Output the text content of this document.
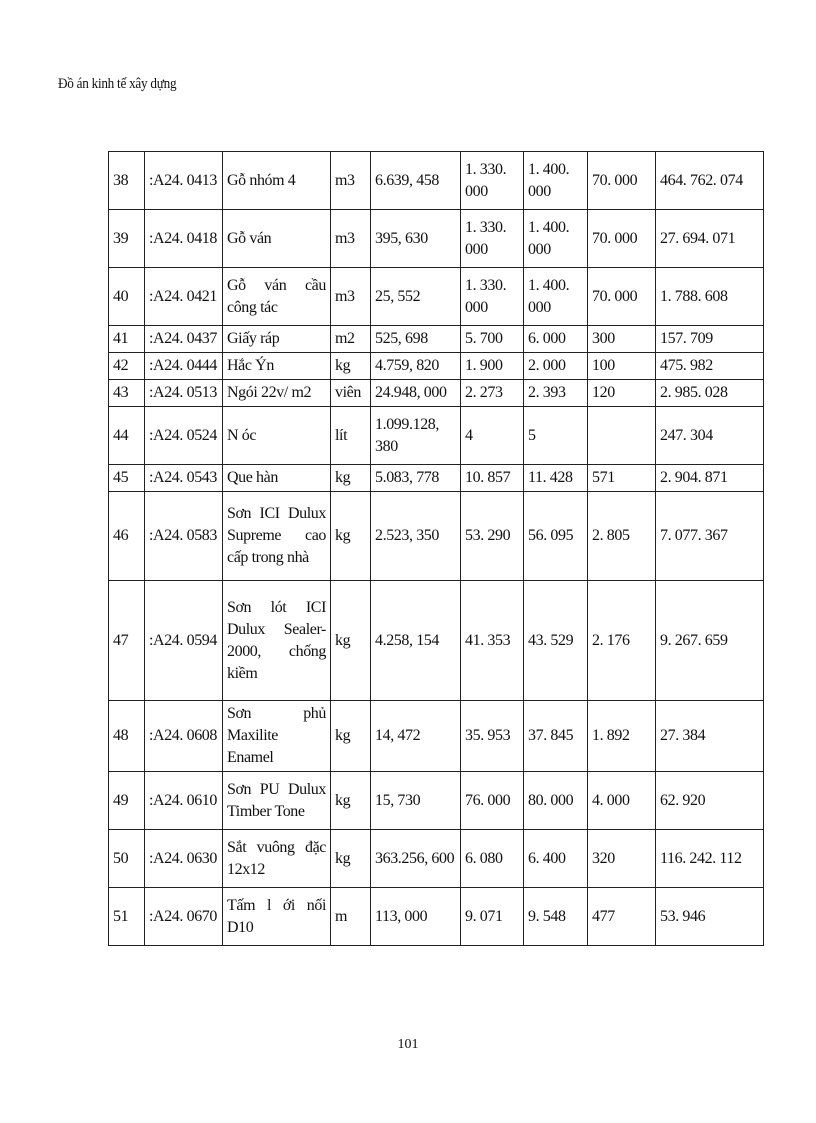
Đồ án kinh tế xây dựng
38	:A24. 0413	Gỗ nhóm 4	m3	6.639, 458	1. 330. 000	1. 400. 000	70. 000	464. 762. 074
39	:A24. 0418	Gỗ ván	m3	395, 630	1. 330. 000	1. 400. 000	70. 000	27. 694. 071
40	:A24. 0421	Gỗ ván cầu công tác	m3	25, 552	1. 330. 000	1. 400. 000	70. 000	1. 788. 608
41	:A24. 0437	Giấy ráp	m2	525, 698	5. 700	6. 000	300	157. 709
42	:A24. 0444	Hắc Ýn	kg	4.759, 820	1. 900	2. 000	100	475. 982
43	:A24. 0513	Ngói 22v/ m2	viên	24.948, 000	2. 273	2. 393	120	2. 985. 028
44	:A24. 0524	N óc	lít	1.099.128, 380	4	5		247. 304
45	:A24. 0543	Que hàn	kg	5.083, 778	10. 857	11. 428	571	2. 904. 871
46	:A24. 0583	Sơn ICI Dulux Supreme cao cấp trong nhà	kg	2.523, 350	53. 290	56. 095	2. 805	7. 077. 367
47	:A24. 0594	Sơn lót ICI Dulux Sealer-2000, chống kiềm	kg	4.258, 154	41. 353	43. 529	2. 176	9. 267. 659
48	:A24. 0608	Sơn phủ Maxilite Enamel	kg	14, 472	35. 953	37. 845	1. 892	27. 384
49	:A24. 0610	Sơn PU Dulux Timber Tone	kg	15, 730	76. 000	80. 000	4. 000	62. 920
50	:A24. 0630	Sắt vuông đặc 12x12	kg	363.256, 600	6. 080	6. 400	320	116. 242. 112
51	:A24. 0670	Tấm l ới nối D10	m	113, 000	9. 071	9. 548	477	53. 946
101
